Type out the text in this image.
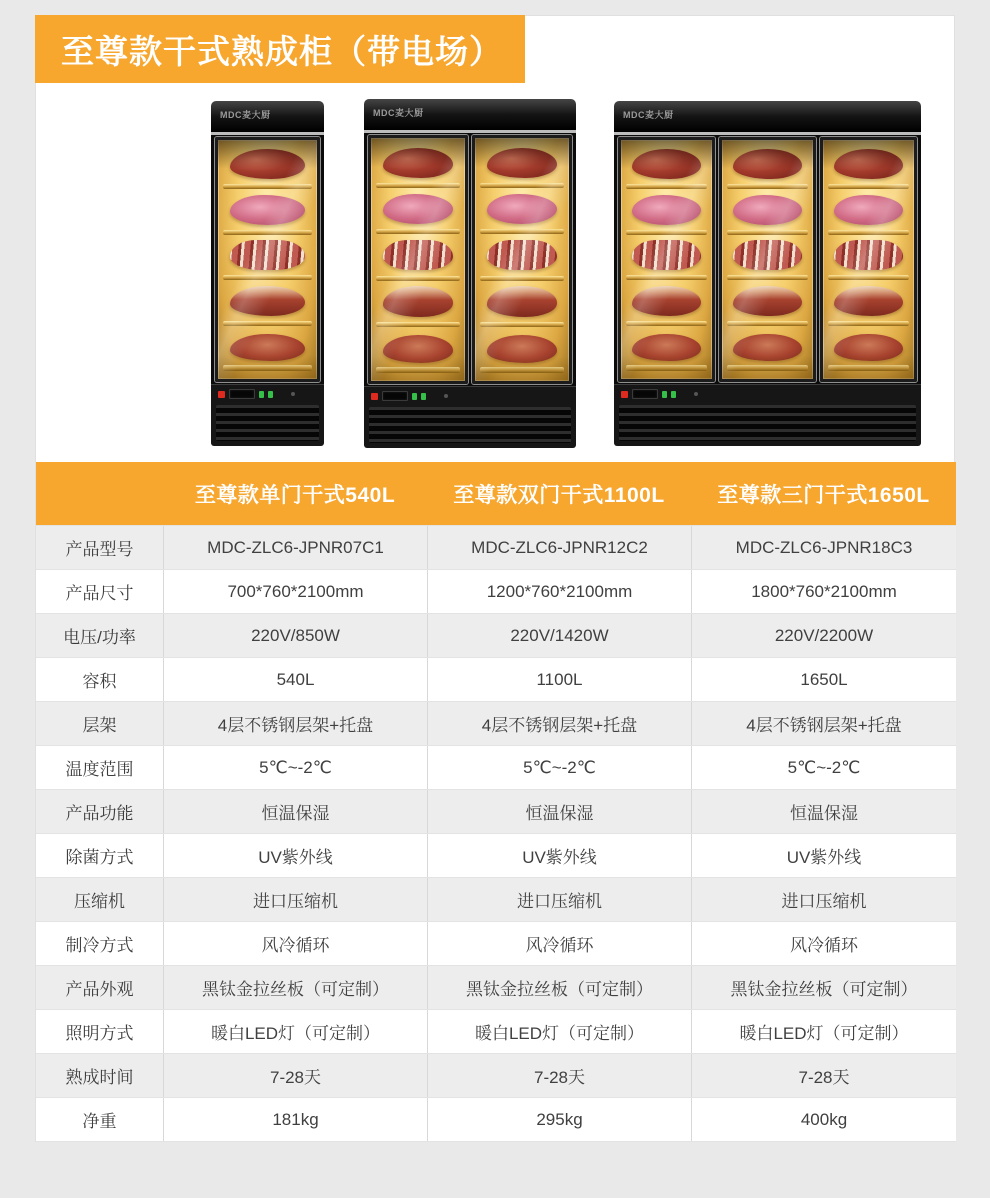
至尊款干式熟成柜（带电场）
MDC麦大厨	MDC麦大厨	MDC麦大厨
至尊款单门干式540L	至尊款双门干式1100L	至尊款三门干式1650L
产品型号	MDC-ZLC6-JPNR07C1	MDC-ZLC6-JPNR12C2	MDC-ZLC6-JPNR18C3
产品尺寸	700*760*2100mm	1200*760*2100mm	1800*760*2100mm
电压/功率	220V/850W	220V/1420W	220V/2200W
容积	540L	1100L	1650L
层架	4层不锈钢层架+托盘	4层不锈钢层架+托盘	4层不锈钢层架+托盘
温度范围	5℃~-2℃	5℃~-2℃	5℃~-2℃
产品功能	恒温保湿	恒温保湿	恒温保湿
除菌方式	UV紫外线	UV紫外线	UV紫外线
压缩机	进口压缩机	进口压缩机	进口压缩机
制冷方式	风冷循环	风冷循环	风冷循环
产品外观	黑钛金拉丝板（可定制）	黑钛金拉丝板（可定制）	黑钛金拉丝板（可定制）
照明方式	暖白LED灯（可定制）	暖白LED灯（可定制）	暖白LED灯（可定制）
熟成时间	7-28天	7-28天	7-28天
净重	181kg	295kg	400kg
